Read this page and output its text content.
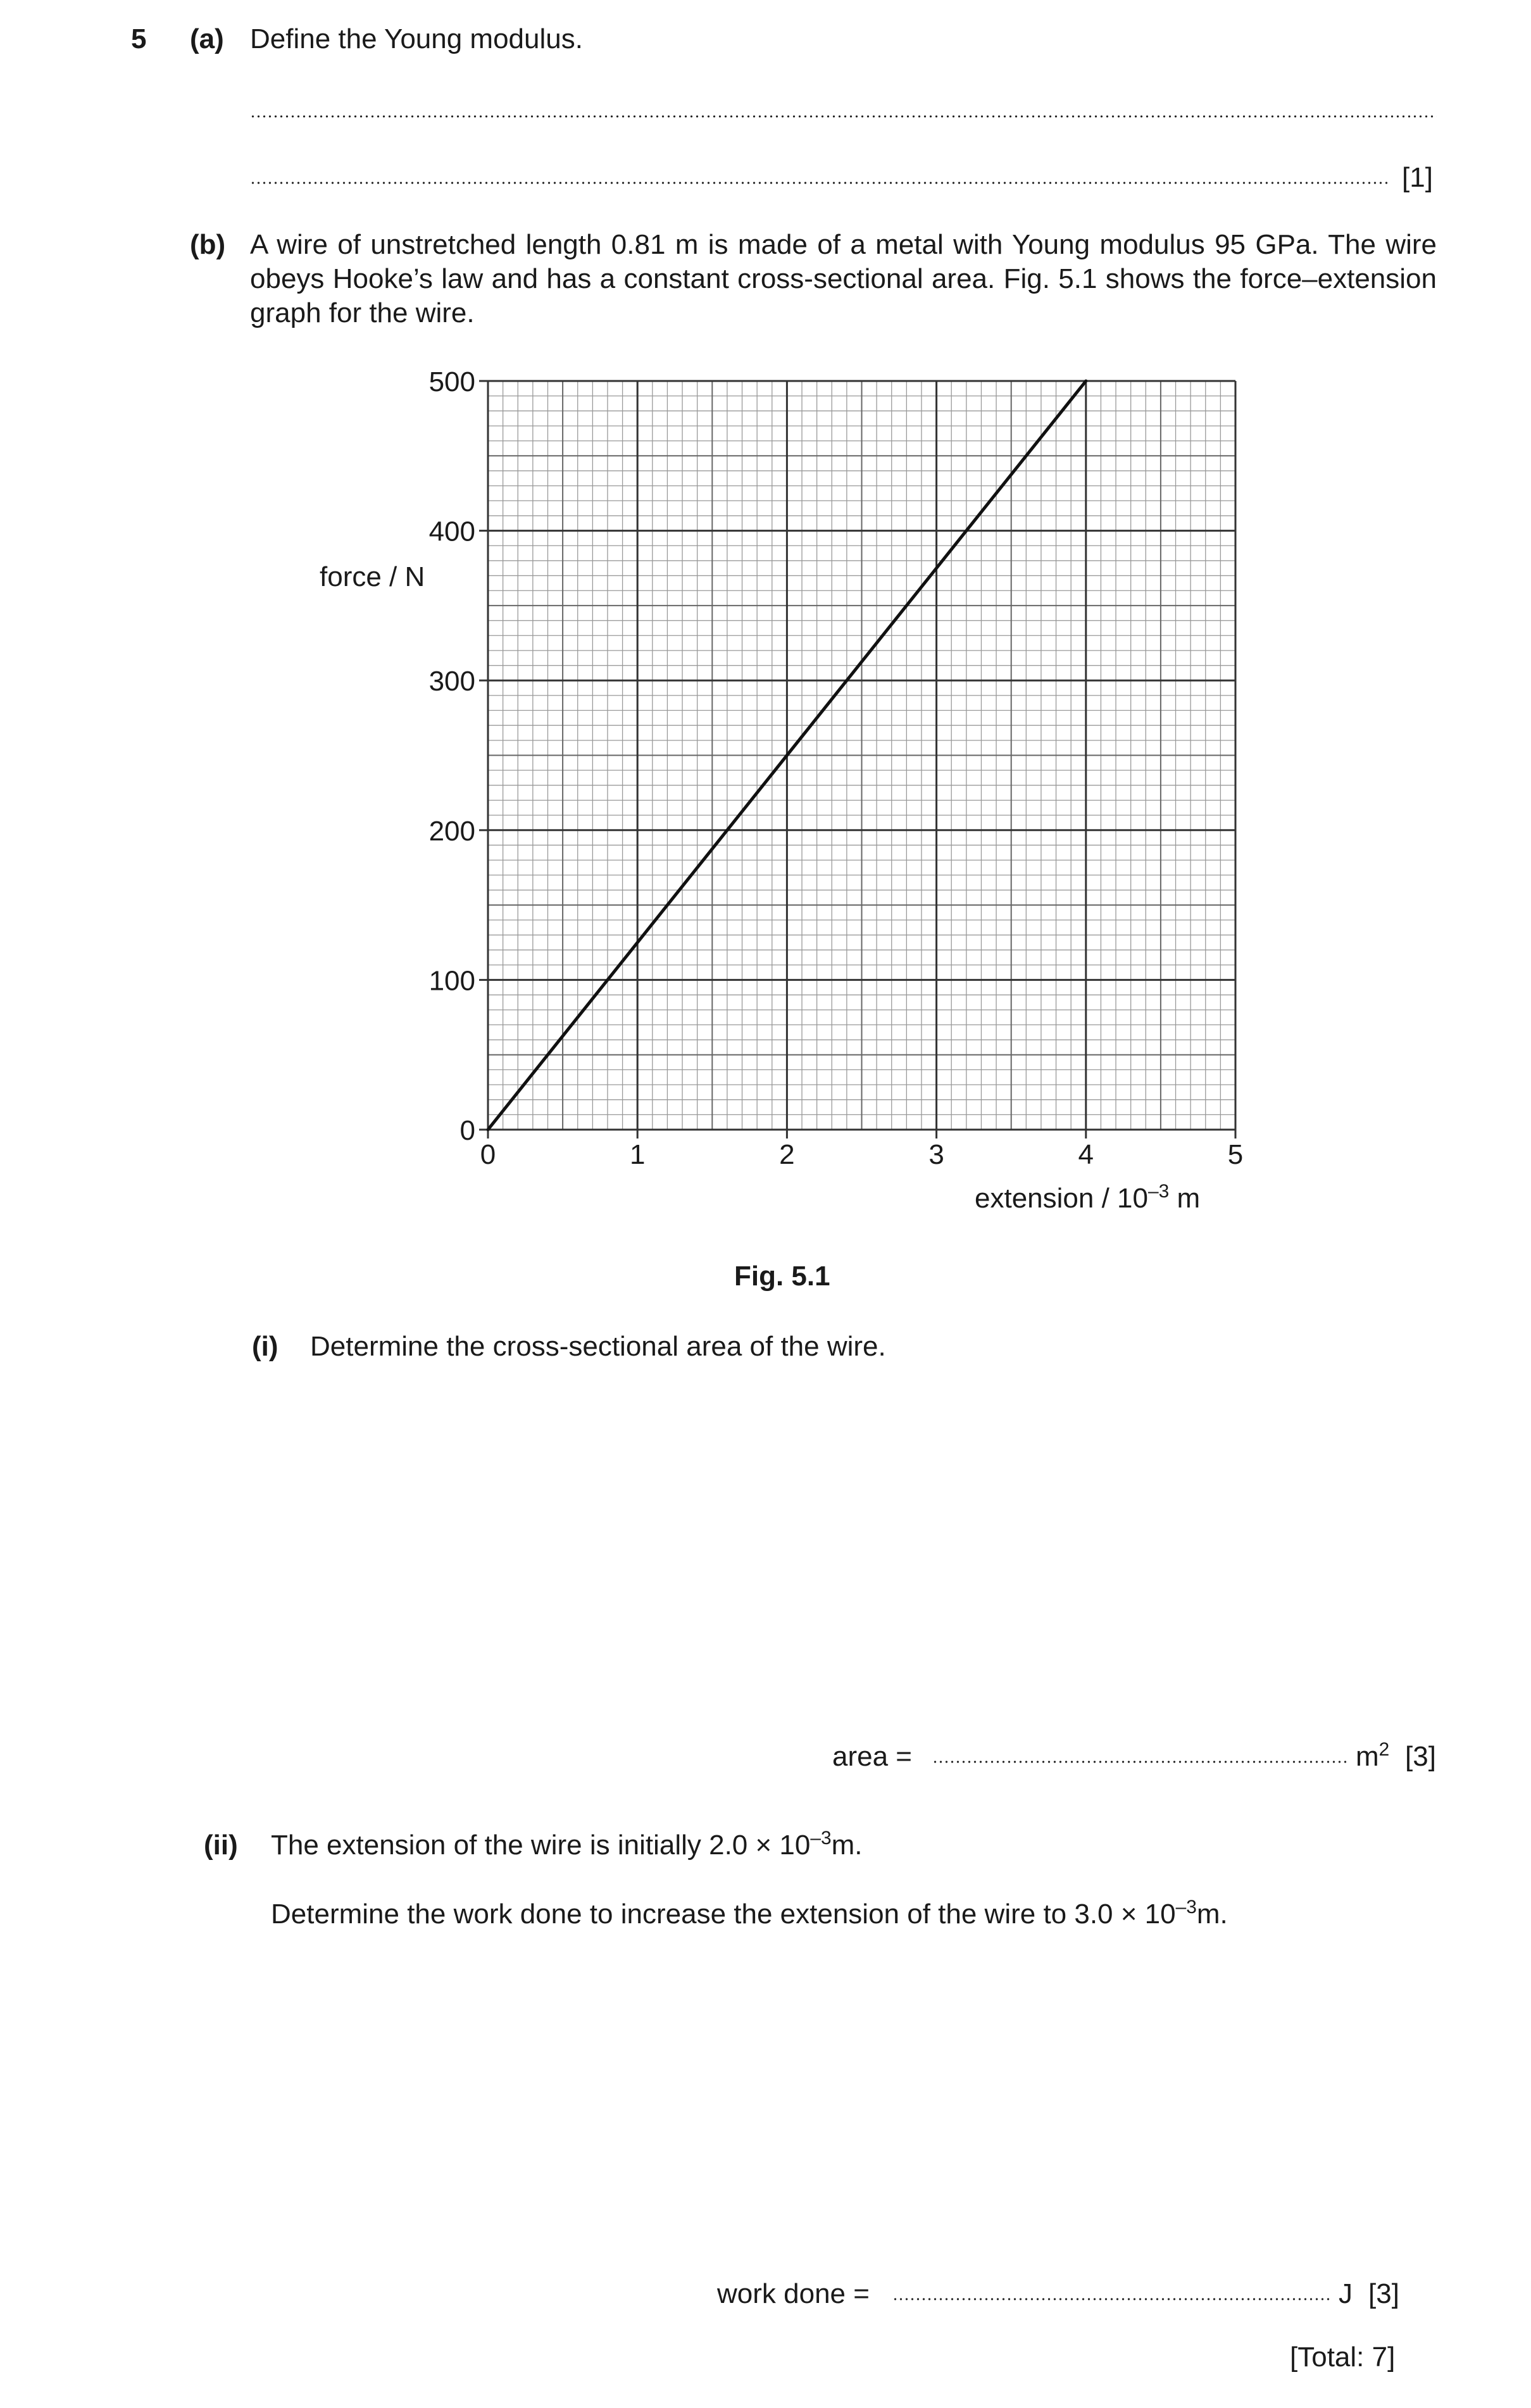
5 (a) Define the Young modulus.
[1]
(b) A wire of unstretched length 0.81 m is made of a metal with Young modulus 95 GPa. The wire obeys Hooke’s law and has a constant cross-sectional area. Fig. 5.1 shows the force–extension graph for the wire.
0	1	2	3	4	5
0
100
200
300
400
500
force / N
extension / $10^{-3}$ m
Fig. 5.1
(i) Determine the cross-sectional area of the wire.
area =	$m^2$ [3]
(ii) The extension of the wire is initially $2.0 \times 10^{-3}m$.
Determine the work done to increase the extension of the wire to $3.0 \times 10^{-3}m$.
work done =	J [3]
[Total: 7]
